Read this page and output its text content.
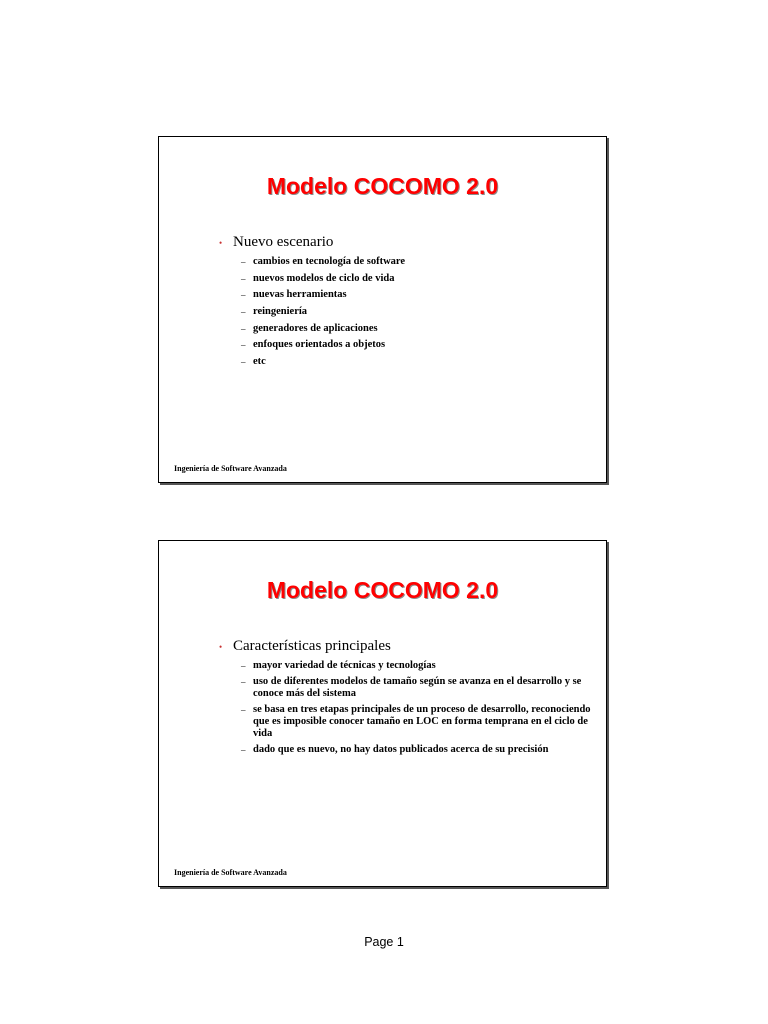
Modelo COCOMO 2.0
• Nuevo escenario
– cambios en tecnología de software
– nuevos modelos de ciclo de vida
– nuevas herramientas
– reingeniería
– generadores de aplicaciones
– enfoques orientados a objetos
– etc
Ingeniería de Software Avanzada
Modelo COCOMO 2.0
• Características principales
– mayor variedad de técnicas y tecnologías
– uso de diferentes modelos de tamaño según se avanza en el desarrollo y se conoce más del sistema
– se basa en tres etapas principales de un proceso de desarrollo, reconociendo que es imposible conocer tamaño en LOC en forma temprana en el ciclo de vida
– dado que es nuevo, no hay datos publicados acerca de su precisión
Ingeniería de Software Avanzada
Page 1
